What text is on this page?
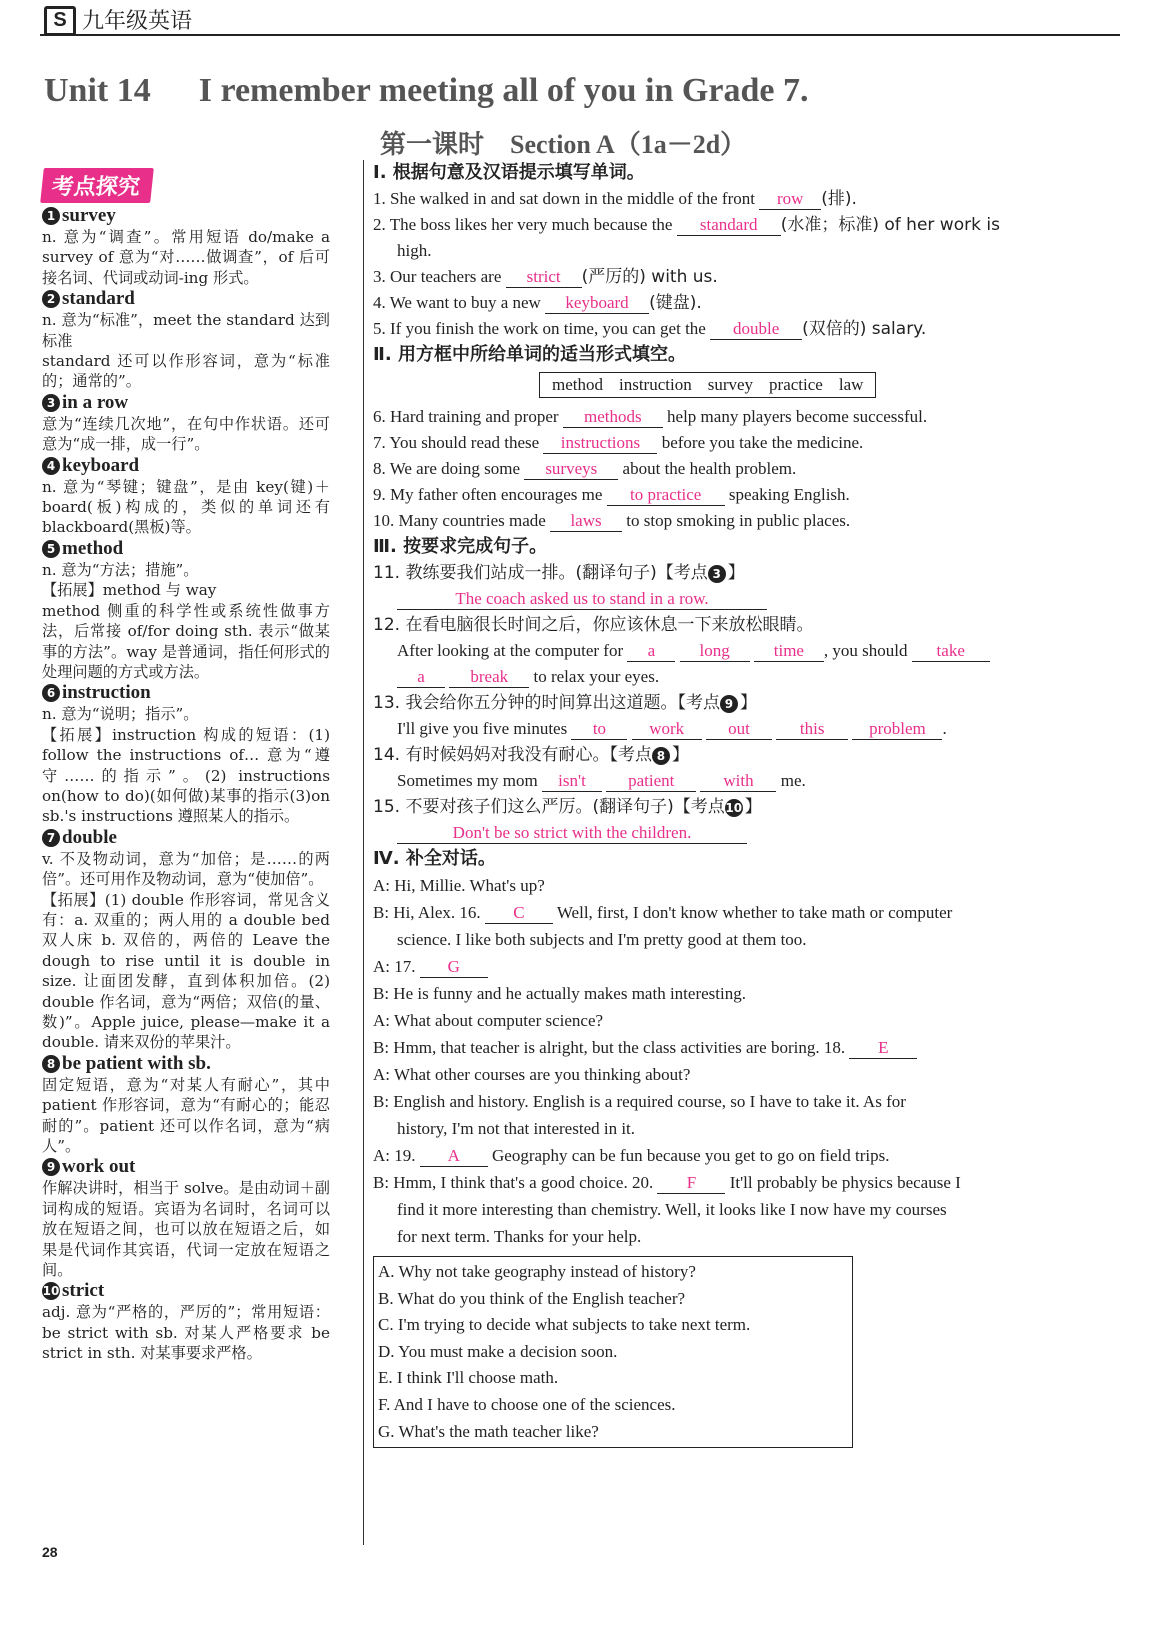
S 九年级英语
Unit 14 I remember meeting all of you in Grade 7.
第一课时　Section A（1a－2d）
考点探究
1 survey

n. 意为“调查”。常用短语 do/make a survey of 意为“对……做调查”，of 后可接名词、代词或动词-ing 形式。

2 standard

n. 意为“标准”，meet the standard 达到标准

standard 还可以作形容词，意为“标准的；通常的”。

3 in a row

意为“连续几次地”，在句中作状语。还可意为“成一排，成一行”。

4 keyboard

n. 意为“琴键；键盘”，是由 key(键)＋board(板)构成的，类似的单词还有 blackboard(黑板)等。

5 method

n. 意为“方法；措施”。

【拓展】method 与 way

method 侧重的科学性或系统性做事方法，后常接 of/for doing sth. 表示“做某事的方法”。way 是普通词，指任何形式的处理问题的方式或方法。

6 instruction

n. 意为“说明；指示”。

【拓展】instruction 构成的短语：(1) follow the instructions of… 意为“遵守……的指示”。(2) instructions on(how to do)(如何做)某事的指示(3)on sb.'s instructions 遵照某人的指示。

7 double

v. 不及物动词，意为“加倍；是……的两倍”。还可用作及物动词，意为“使加倍”。

【拓展】(1) double 作形容词，常见含义有：a. 双重的；两人用的 a double bed 双人床 b. 双倍的，两倍的 Leave the dough to rise until it is double in size. 让面团发酵，直到体积加倍。(2) double 作名词，意为“两倍；双倍(的量、数)”。Apple juice, please—make it a double. 请来双份的苹果汁。

8 be patient with sb.

固定短语，意为“对某人有耐心”，其中 patient 作形容词，意为“有耐心的；能忍耐的”。patient 还可以作名词，意为“病人”。

9 work out

作解决讲时，相当于 solve。是由动词＋副词构成的短语。宾语为名词时，名词可以放在短语之间，也可以放在短语之后，如果是代词作其宾语，代词一定放在短语之间。

10 strict

adj. 意为“严格的，严厉的”；常用短语：be strict with sb. 对某人严格要求 be strict in sth. 对某事要求严格。

Ⅰ. 根据句意及汉语提示填写单词。
1. She walked in and sat down in the middle of the front row (排).
2. The boss likes her very much because the standard (水准；标准) of her work is
high.
3. Our teachers are strict (严厉的) with us.
4. We want to buy a new keyboard (键盘).
5. If you finish the work on time, you can get the double (双倍的) salary.
Ⅱ. 用方框中所给单词的适当形式填空。
method instruction survey practice law
6. Hard training and proper methods help many players become successful.
7. You should read these instructions before you take the medicine.
8. We are doing some surveys about the health problem.
9. My father often encourages me to practice speaking English.
10. Many countries made laws to stop smoking in public places.
Ⅲ. 按要求完成句子。
11. 教练要我们站成一排。(翻译句子)【考点 3 】
The coach asked us to stand in a row.
12. 在看电脑很长时间之后，你应该休息一下来放松眼睛。
After looking at the computer for a	long	time , you should take
a	break to relax your eyes.
13. 我会给你五分钟的时间算出这道题。【考点 9 】
I'll give you five minutes to	work	out	this	problem .
14. 有时候妈妈对我没有耐心。【考点 8 】
Sometimes my mom isn't patient	with me.
15. 不要对孩子们这么严厉。(翻译句子)【考点10 】
Don't be so strict with the children.
Ⅳ. 补全对话。
A: Hi, Millie. What's up?
B: Hi, Alex. 16. C Well, first, I don't know whether to take math or computer
science. I like both subjects and I'm pretty good at them too.
A: 17. G
B: He is funny and he actually makes math interesting.
A: What about computer science?
B: Hmm, that teacher is alright, but the class activities are boring. 18. E
A: What other courses are you thinking about?
B: English and history. English is a required course, so I have to take it. As for
history, I'm not that interested in it.
A: 19. A Geography can be fun because you get to go on field trips.
B: Hmm, I think that's a good choice. 20. F It'll probably be physics because I
find it more interesting than chemistry. Well, it looks like I now have my courses
for next term. Thanks for your help.
A. Why not take geography instead of history?
B. What do you think of the English teacher?
C. I'm trying to decide what subjects to take next term.
D. You must make a decision soon.
E. I think I'll choose math.
F. And I have to choose one of the sciences.
G. What's the math teacher like?
28
